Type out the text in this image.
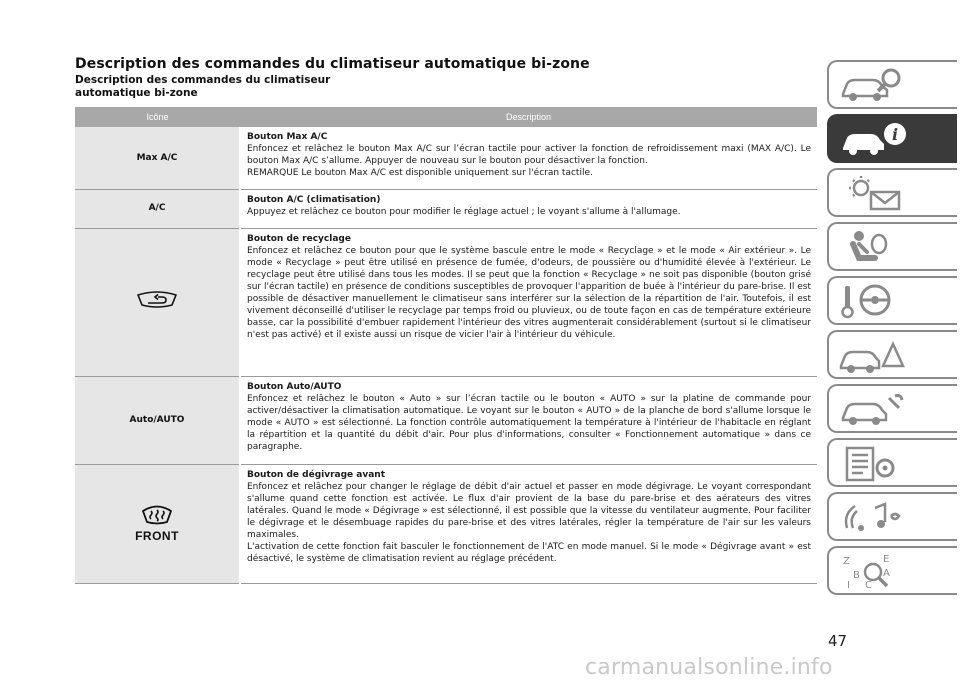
Description des commandes du climatiseur automatique bi-zone
Description des commandes du climatiseur automatique bi-zone
Icône	Description
Max A/C	Bouton Max A/C
Enfoncez et relâchez le bouton Max A/C sur l’écran tactile pour activer la fonction de refroidissement maxi (MAX A/C). Le bouton Max A/C s’allume. Appuyer de nouveau sur le bouton pour désactiver la fonction.
REMARQUE Le bouton Max A/C est disponible uniquement sur l'écran tactile.

A/C	Bouton A/C (climatisation)
Appuyez et relâchez ce bouton pour modifier le réglage actuel ; le voyant s'allume à l'allumage.

Bouton de recyclage
Enfoncez et relâchez ce bouton pour que le système bascule entre le mode « Recyclage » et le mode « Air extérieur ». Le mode « Recyclage » peut être utilisé en présence de fumée, d'odeurs, de poussière ou d'humidité élevée à l'extérieur. Le recyclage peut être utilisé dans tous les modes. Il se peut que la fonction « Recyclage » ne soit pas disponible (bouton grisé sur l'écran tactile) en présence de conditions susceptibles de provoquer l'apparition de buée à l'intérieur du pare-brise. Il est possible de désactiver manuellement le climatiseur sans interférer sur la sélection de la répartition de l'air. Toutefois, il est vivement déconseillé d'utiliser le recyclage par temps froid ou pluvieux, ou de toute façon en cas de température extérieure basse, car la possibilité d'embuer rapidement l'intérieur des vitres augmenterait considérablement (surtout si le climatiseur n'est pas activé) et il existe aussi un risque de vicier l'air à l'intérieur du véhicule.

Auto/AUTO	Bouton Auto/AUTO
Enfoncez et relâchez le bouton « Auto » sur l’écran tactile ou le bouton « AUTO » sur la platine de commande pour activer/désactiver la climatisation automatique. Le voyant sur le bouton « AUTO » de la planche de bord s'allume lorsque le mode « AUTO » est sélectionné. La fonction contrôle automatiquement la température à l'intérieur de l'habitacle en réglant la répartition et la quantité du débit d'air. Pour plus d'informations, consulter « Fonctionnement automatique » dans ce paragraphe.

FRONT	Bouton de dégivrage avant
Enfoncez et relâchez pour changer le réglage de débit d'air actuel et passer en mode dégivrage. Le voyant correspondant s'allume quand cette fonction est activée. Le flux d'air provient de la base du pare-brise et des aérateurs des vitres latérales. Quand le mode « Dégivrage » est sélectionné, il est possible que la vitesse du ventilateur augmente. Pour faciliter le dégivrage et le désembuage rapides du pare-brise et des vitres latérales, régler la température de l'air sur les valeurs maximales.
L'activation de cette fonction fait basculer le fonctionnement de l'ATC en mode manuel. Si le mode « Dégivrage avant » est désactivé, le système de climatisation revient au réglage précédent.
i
Z	E
B A
C
I
47
carmanualsonline.info
